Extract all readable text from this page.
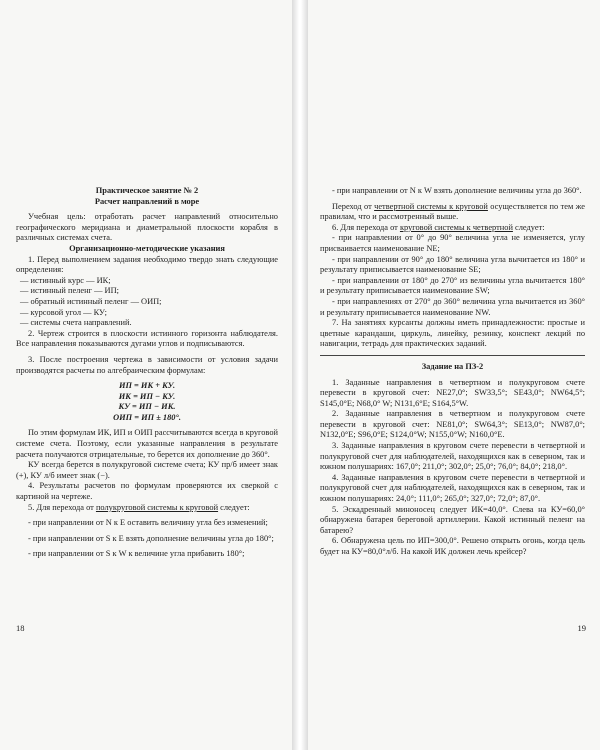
Практическое занятие № 2

Расчет направлений в море

Учебная цель: отработать расчет направлений относительно географического меридиана и диаметральной плоскости корабля в различных системах счета.

Организационно-методические указания

1. Перед выполнением задания необходимо твердо знать следующие определения:

— истинный курс — ИК;

— истинный пеленг — ИП;

— обратный истинный пеленг — ОИП;

— курсовой угол — КУ;

— системы счета направлений.

2. Чертеж строится в плоскости истинного горизонта наблюдателя. Все направления показываются дугами углов и подписываются.

3. После построения чертежа в зависимости от условия задачи производятся расчеты по алгебраическим формулам:

ИП = ИК + КУ.

ИК = ИП − КУ.

КУ = ИП − ИК.

ОИП = ИП ± 180°.

По этим формулам ИК, ИП и ОИП рассчитываются всегда в круговой системе счета. Поэтому, если указанные направления в результате расчета получаются отрицательные, то берется их дополнение до 360°.

КУ всегда берется в полукруговой системе счета; КУ пр/б имеет знак (+), КУ л/б имеет знак (−).

4. Результаты расчетов по формулам проверяются их сверкой с картиной на чертеже.

5. Для перехода от полукруговой системы к круговой следует:

- при направлении от N к E оставить величину угла без изменений;

- при направлении от S к E взять дополнение величины угла до 180°;

- при направлении от S к W к величине угла прибавить 180°;

18

- при направлении от N к W взять дополнение величины угла до 360°.

Переход от четвертной системы к круговой осуществляется по тем же правилам, что и рассмотренный выше.

6. Для перехода от круговой системы к четвертной следует:

- при направлении от 0° до 90° величина угла не изменяется, углу присваивается наименование NE;

- при направлении от 90° до 180° величина угла вычитается из 180° и результату приписывается наименование SE;

- при направлении от 180° до 270° из величины угла вычитается 180° и результату приписывается наименование SW;

- при направлениях от 270° до 360° величина угла вычитается из 360° и результату приписывается наименование NW.

7. На занятиях курсанты должны иметь принадлежности: простые и цветные карандаши, циркуль, линейку, резинку, конспект лекций по навигации, тетрадь для практических заданий.

Задание на ПЗ-2

1. Заданные направления в четвертном и полукруговом счете перевести в круговой счет: NE27,0°; SW33,5°; SE43,0°; NW64,5°; S145,0°E; N68,0° W; N131,6°E; S164,5°W.

2. Заданные направления в четвертном и полукруговом счете перевести в круговой счет: NE81,0°; SW64,3°; SE13,0°; NW87,0°; N132,0°E; S96,0°E; S124,0°W; N155,0°W; N160,0°E.

3. Заданные направления в круговом счете перевести в четвертной и полукруговой счет для наблюдателей, находящихся как в северном, так и южном полушариях: 167,0°; 211,0°; 302,0°; 25,0°; 76,0°; 84,0°; 218,0°.

4. Заданные направления в круговом счете перевести в четвертной и полукруговой счет для наблюдателей, находящихся как в северном, так и южном полушариях: 24,0°; 111,0°; 265,0°; 327,0°; 72,0°; 87,0°.

5. Эскадренный миноносец следует ИК=40,0°. Слева на КУ=60,0° обнаружена батарея береговой артиллерии. Какой истинный пеленг на батарею?

6. Обнаружена цель по ИП=300,0°. Решено открыть огонь, когда цель будет на КУ=80,0°л/б. На какой ИК должен лечь крейсер?

19
